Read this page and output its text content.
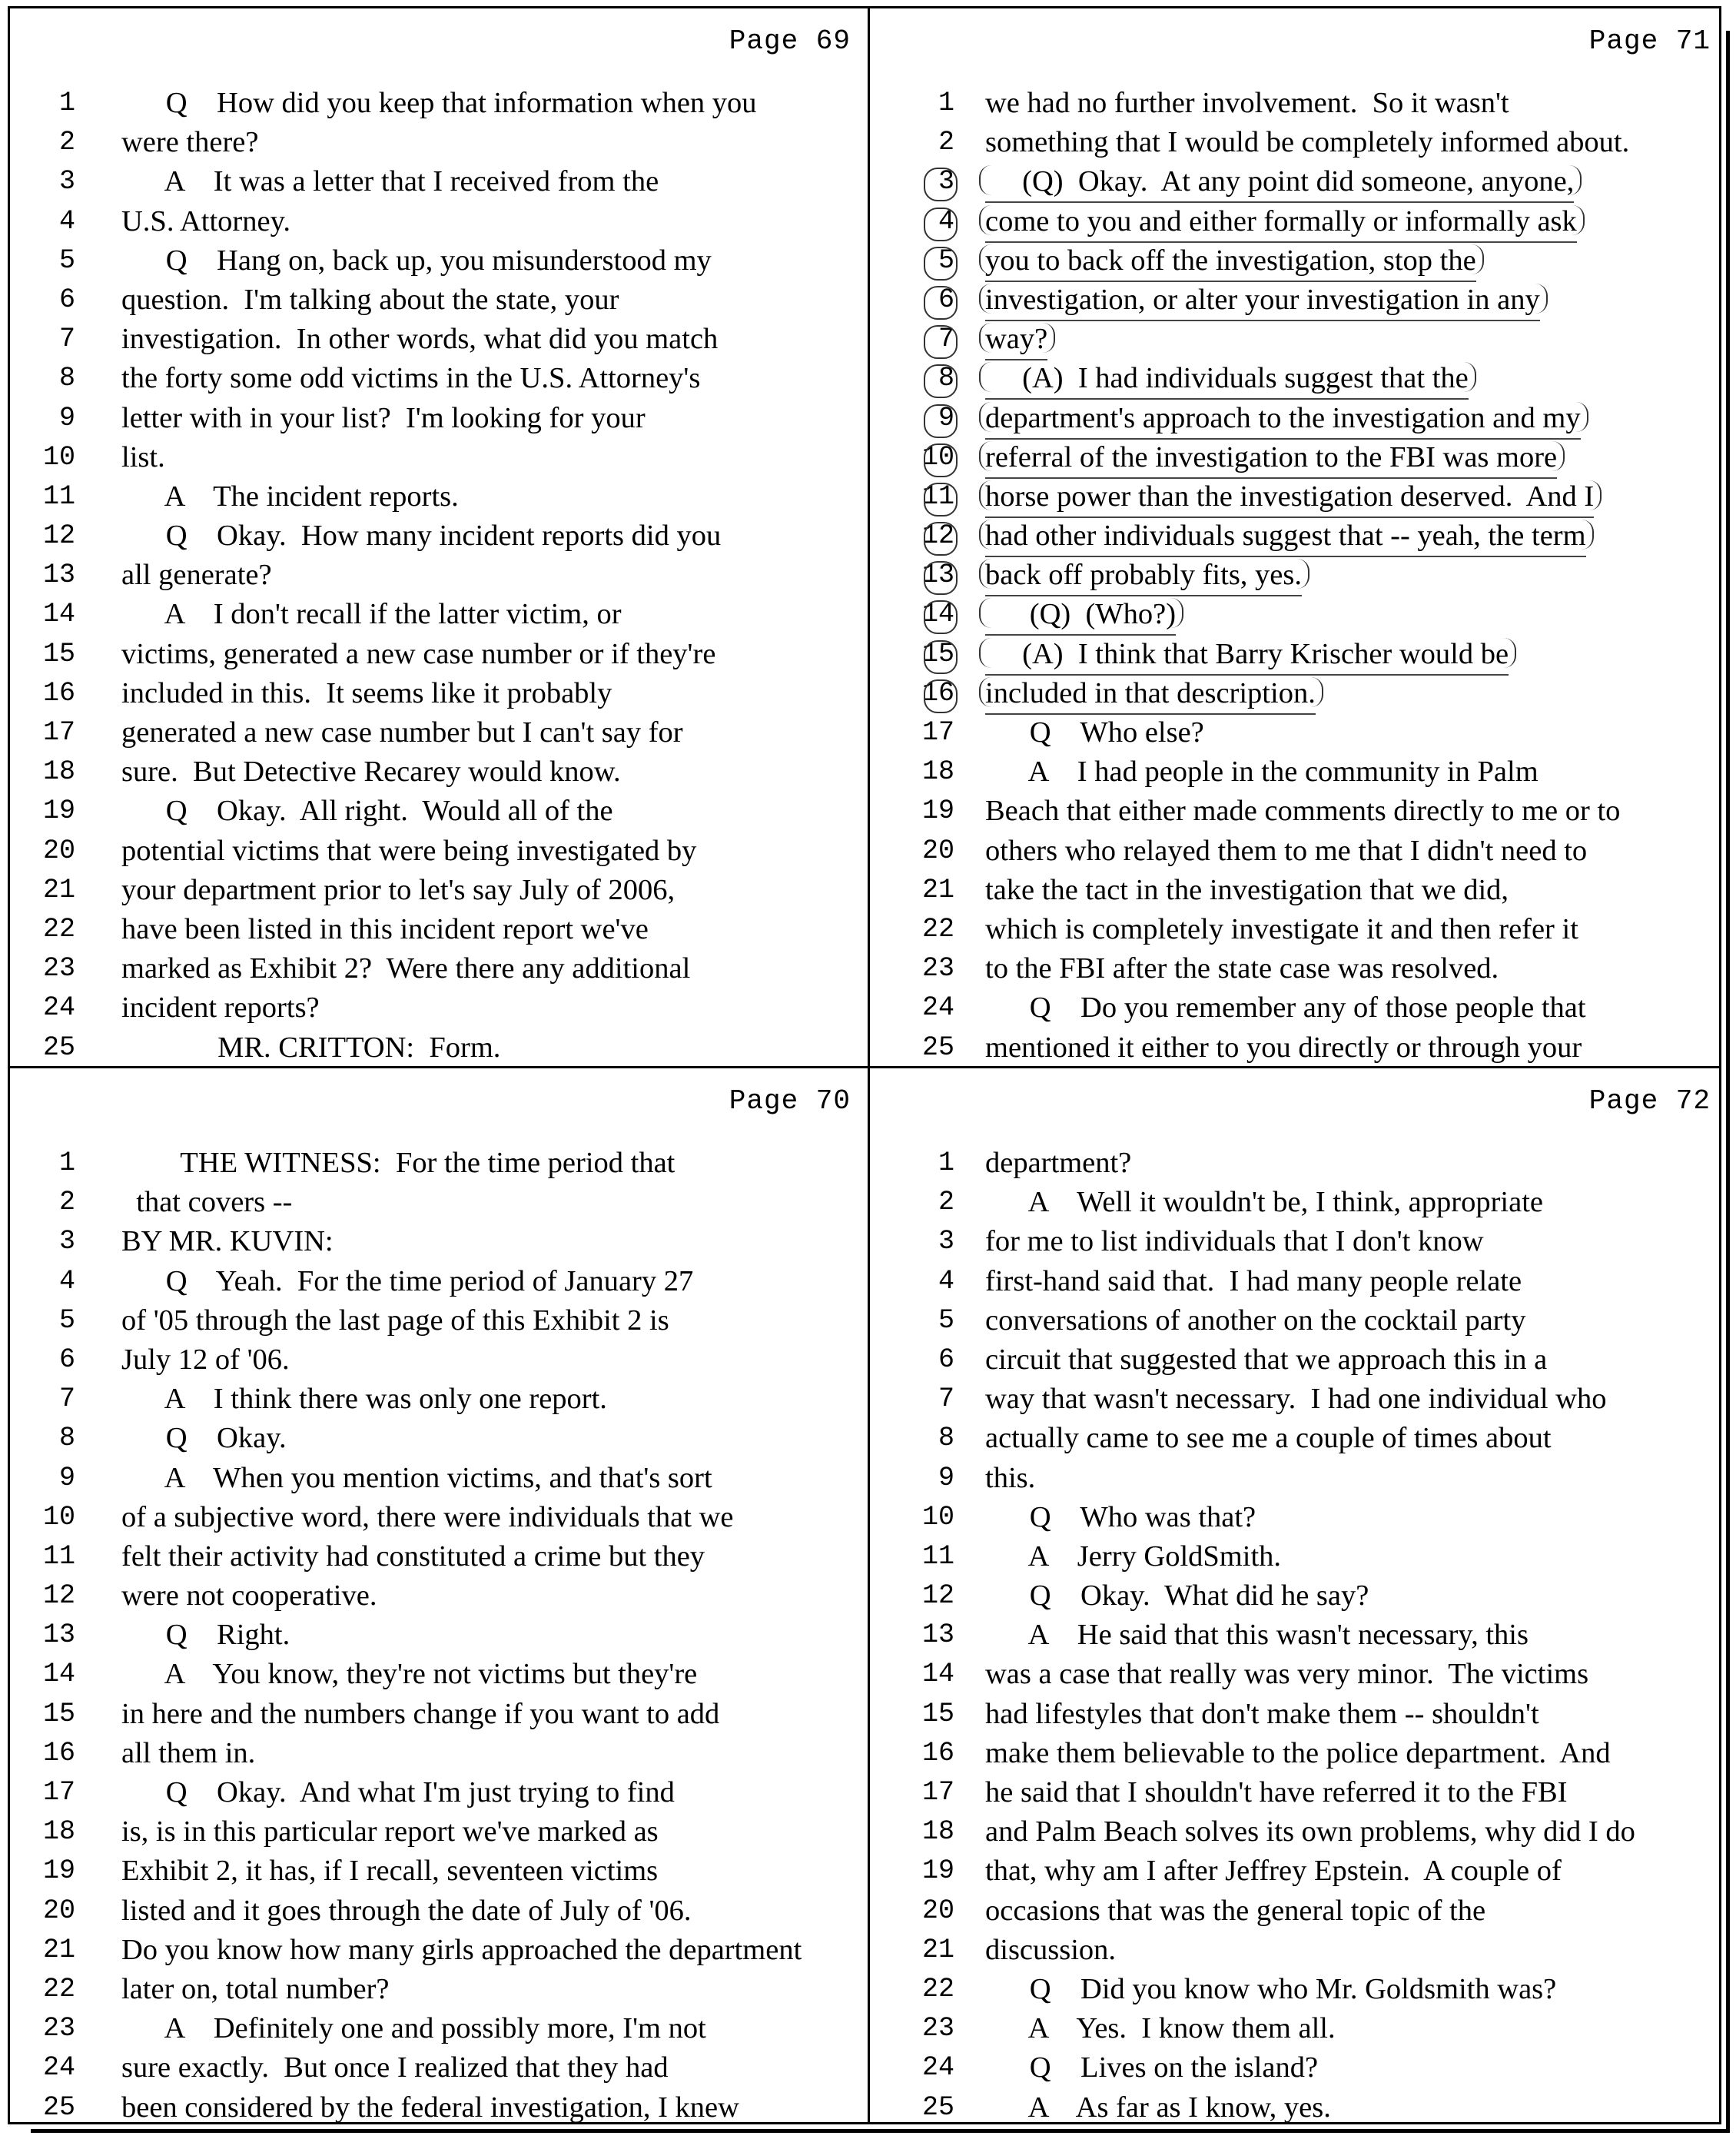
Page 69
1 Q    How did you keep that information when you
2 were there?
3 A    It was a letter that I received from the
4 U.S. Attorney.
5 Q    Hang on, back up, you misunderstood my
6 question.  I'm talking about the state, your
7 investigation.  In other words, what did you match
8 the forty some odd victims in the U.S. Attorney's
9 letter with in your list?  I'm looking for your
10 list.
11 A    The incident reports.
12 Q    Okay.  How many incident reports did you
13 all generate?
14 A    I don't recall if the latter victim, or
15 victims, generated a new case number or if they're
16 included in this.  It seems like it probably
17 generated a new case number but I can't say for
18 sure.  But Detective Recarey would know.
19 Q    Okay.  All right.  Would all of the
20 potential victims that were being investigated by
21 your department prior to let's say July of 2006,
22 have been listed in this incident report we've
23 marked as Exhibit 2?  Were there any additional
24 incident reports?
25 MR. CRITTON:  Form.
Page 71
1 we had no further involvement.  So it wasn't
2 something that I would be completely informed about.
3 (Q)  Okay.  At any point did someone, anyone,
4 come to you and either formally or informally ask
5 you to back off the investigation, stop the
6 investigation, or alter your investigation in any
7 way?
8 (A)  I had individuals suggest that the
9 department's approach to the investigation and my
10 referral of the investigation to the FBI was more
11 horse power than the investigation deserved.  And I
12 had other individuals suggest that -- yeah, the term
13 back off probably fits, yes.
14 (Q)  (Who?)
15 (A)  I think that Barry Krischer would be
16 included in that description.
17 Q    Who else?
18 A    I had people in the community in Palm
19 Beach that either made comments directly to me or to
20 others who relayed them to me that I didn't need to
21 take the tact in the investigation that we did,
22 which is completely investigate it and then refer it
23 to the FBI after the state case was resolved.
24 Q    Do you remember any of those people that
25 mentioned it either to you directly or through your
Page 70
1 THE WITNESS:  For the time period that
2 that covers --
3 BY MR. KUVIN:
4 Q    Yeah.  For the time period of January 27
5 of '05 through the last page of this Exhibit 2 is
6 July 12 of '06.
7 A    I think there was only one report.
8 Q    Okay.
9 A    When you mention victims, and that's sort
10 of a subjective word, there were individuals that we
11 felt their activity had constituted a crime but they
12 were not cooperative.
13 Q    Right.
14 A    You know, they're not victims but they're
15 in here and the numbers change if you want to add
16 all them in.
17 Q    Okay.  And what I'm just trying to find
18 is, is in this particular report we've marked as
19 Exhibit 2, it has, if I recall, seventeen victims
20 listed and it goes through the date of July of '06.
21 Do you know how many girls approached the department
22 later on, total number?
23 A    Definitely one and possibly more, I'm not
24 sure exactly.  But once I realized that they had
25 been considered by the federal investigation, I knew
Page 72
1 department?
2 A    Well it wouldn't be, I think, appropriate
3 for me to list individuals that I don't know
4 first-hand said that.  I had many people relate
5 conversations of another on the cocktail party
6 circuit that suggested that we approach this in a
7 way that wasn't necessary.  I had one individual who
8 actually came to see me a couple of times about
9 this.
10 Q    Who was that?
11 A    Jerry GoldSmith.
12 Q    Okay.  What did he say?
13 A    He said that this wasn't necessary, this
14 was a case that really was very minor.  The victims
15 had lifestyles that don't make them -- shouldn't
16 make them believable to the police department.  And
17 he said that I shouldn't have referred it to the FBI
18 and Palm Beach solves its own problems, why did I do
19 that, why am I after Jeffrey Epstein.  A couple of
20 occasions that was the general topic of the
21 discussion.
22 Q    Did you know who Mr. Goldsmith was?
23 A    Yes.  I know them all.
24 Q    Lives on the island?
25 A    As far as I know, yes.
